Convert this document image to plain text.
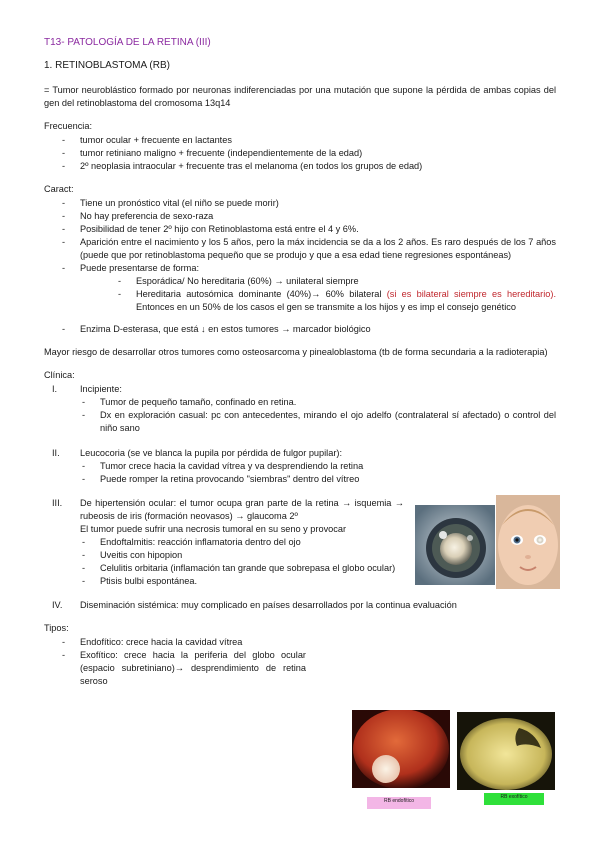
T13- PATOLOGÍA DE LA RETINA (III)
1. RETINOBLASTOMA (RB)
= Tumor neuroblástico formado por neuronas indiferenciadas por una mutación que supone la pérdida de ambas copias del gen del retinoblastoma del cromosoma 13q14
Frecuencia:
- tumor ocular + frecuente en lactantes
- tumor retiniano maligno + frecuente (independientemente de la edad)
- 2º neoplasia intraocular + frecuente tras el melanoma (en todos los grupos de edad)
Caract:
- Tiene un pronóstico vital (el niño se puede morir)
- No hay preferencia de sexo-raza
- Posibilidad de tener 2º hijo con Retinoblastoma está entre el 4 y 6%.
- Aparición entre el nacimiento y los 5 años, pero la máx incidencia se da a los 2 años. Es raro después de los 7 años (puede que por retinoblastoma pequeño que se produjo y que a esa edad tiene regresiones espontáneas)
- Puede presentarse de forma:
- Esporádica/ No hereditaria (60%) → unilateral siempre
- Hereditaria autosómica dominante (40%)→ 60% bilateral (si es bilateral siempre es hereditario). Entonces en un 50% de los casos el gen se transmite a los hijos y es imp el consejo genético
- Enzima D-esterasa, que está ↓ en estos tumores → marcador biológico
Mayor riesgo de desarrollar otros tumores como osteosarcoma y pinealoblastoma (tb de forma secundaria a la radioterapia)
Clínica:
I. Incipiente:
- Tumor de pequeño tamaño, confinado en retina.
- Dx en exploración casual: pc con antecedentes, mirando el ojo adelfo (contralateral sí afectado) o control del niño sano
II. Leucocoria (se ve blanca la pupila por pérdida de fulgor pupilar):
- Tumor crece hacia la cavidad vítrea y va desprendiendo la retina
- Puede romper la retina provocando "siembras" dentro del vítreo
III. De hipertensión ocular: el tumor ocupa gran parte de la retina → isquemia → rubeosis de iris (formación neovasos) → glaucoma 2º
El tumor puede sufrir una necrosis tumoral en su seno y provocar
- Endoftalmitis: reacción inflamatoria dentro del ojo
- Uveitis con hipopion
- Celulitis orbitaria (inflamación tan grande que sobrepasa el globo ocular)
- Ptisis bulbi espontánea.
IV. Diseminación sistémica: muy complicado en países desarrollados por la continua evaluación
Tipos:
- Endofítico: crece hacia la cavidad vítrea
- Exofítico: crece hacia la periferia del globo ocular (espacio subretiniano)→ desprendimiento de retina seroso
RB endofítico
RB exofítico
